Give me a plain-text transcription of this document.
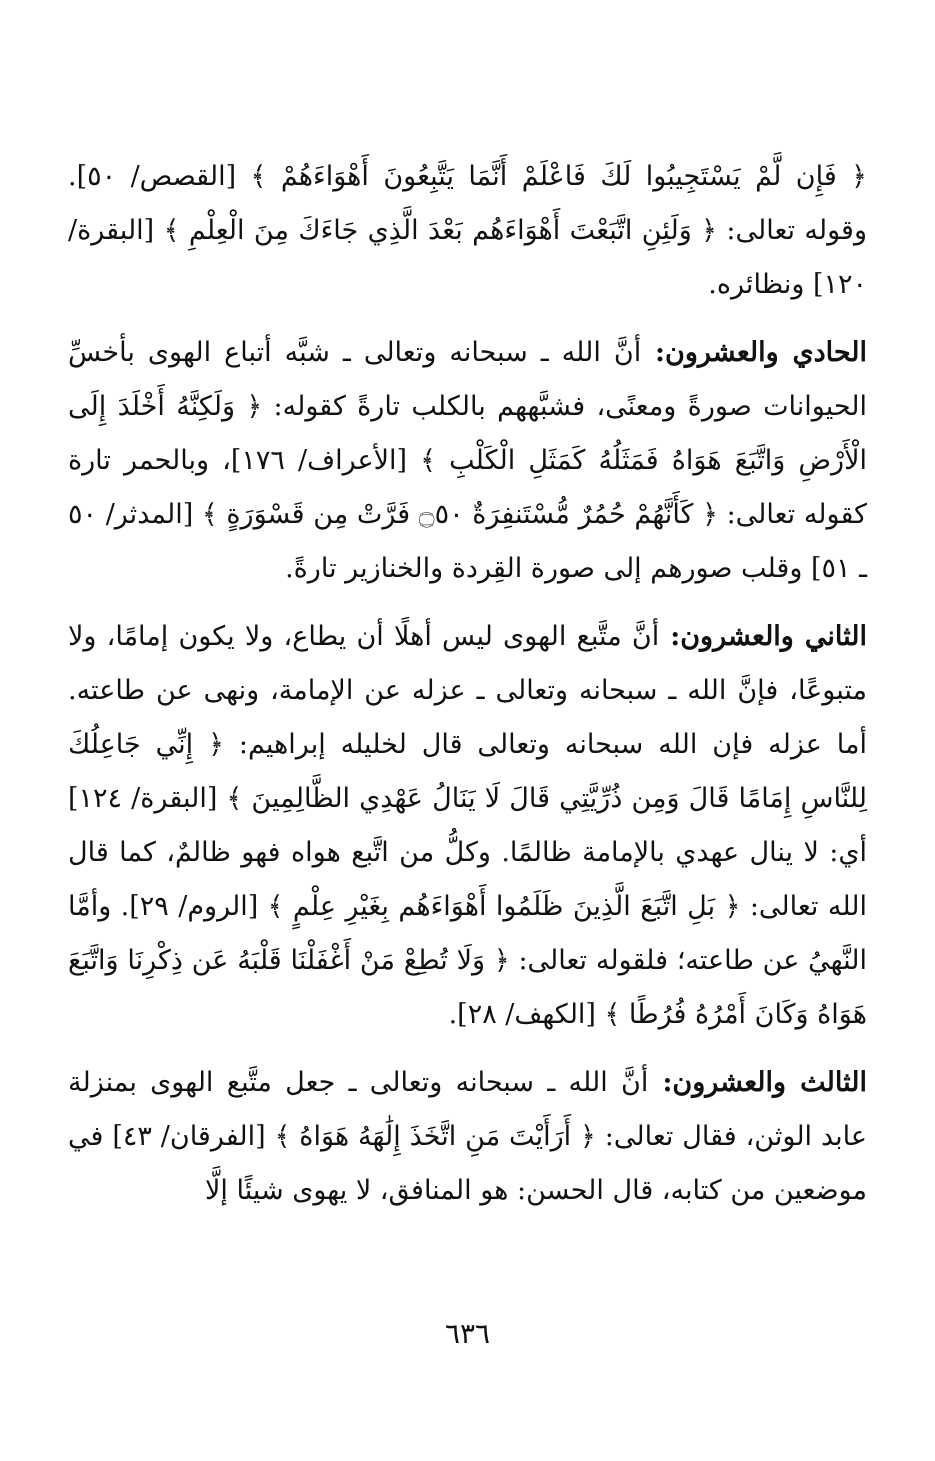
﴿ فَإِن لَّمْ يَسْتَجِيبُوا لَكَ فَاعْلَمْ أَنَّمَا يَتَّبِعُونَ أَهْوَاءَهُمْ ﴾ [القصص/ ٥٠]. وقوله تعالى: ﴿ وَلَئِنِ اتَّبَعْتَ أَهْوَاءَهُم بَعْدَ الَّذِي جَاءَكَ مِنَ الْعِلْمِ ﴾ [البقرة/ ١٢٠] ونظائره.

الحادي والعشرون: أنَّ الله ـ سبحانه وتعالى ـ شبَّه أتباع الهوى بأخسِّ الحيوانات صورةً ومعنًى، فشبَّههم بالكلب تارةً كقوله: ﴿ وَلَكِنَّهُ أَخْلَدَ إِلَى الْأَرْضِ وَاتَّبَعَ هَوَاهُ فَمَثَلُهُ كَمَثَلِ الْكَلْبِ ﴾ [الأعراف/ ١٧٦]، وبالحمر تارة كقوله تعالى: ﴿ كَأَنَّهُمْ حُمُرٌ مُّسْتَنفِرَةٌ ۝٥٠ فَرَّتْ مِن قَسْوَرَةٍ ﴾ [المدثر/ ٥٠ ـ ٥١] وقلب صورهم إلى صورة القِردة والخنازير تارةً.

الثاني والعشرون: أنَّ متَّبع الهوى ليس أهلًا أن يطاع، ولا يكون إمامًا، ولا متبوعًا، فإنَّ الله ـ سبحانه وتعالى ـ عزله عن الإمامة، ونهى عن طاعته. أما عزله فإن الله سبحانه وتعالى قال لخليله إبراهيم: ﴿ إِنِّي جَاعِلُكَ لِلنَّاسِ إِمَامًا قَالَ وَمِن ذُرِّيَّتِي قَالَ لَا يَنَالُ عَهْدِي الظَّالِمِينَ ﴾ [البقرة/ ١٢٤] أي: لا ينال عهدي بالإمامة ظالمًا. وكلُّ من اتَّبع هواه فهو ظالمٌ، كما قال الله تعالى: ﴿ بَلِ اتَّبَعَ الَّذِينَ ظَلَمُوا أَهْوَاءَهُم بِغَيْرِ عِلْمٍ ﴾ [الروم/ ٢٩]. وأمَّا النَّهيُ عن طاعته؛ فلقوله تعالى: ﴿ وَلَا تُطِعْ مَنْ أَغْفَلْنَا قَلْبَهُ عَن ذِكْرِنَا وَاتَّبَعَ هَوَاهُ وَكَانَ أَمْرُهُ فُرُطًا ﴾ [الكهف/ ٢٨].

الثالث والعشرون: أنَّ الله ـ سبحانه وتعالى ـ جعل متَّبع الهوى بمنزلة عابد الوثن، فقال تعالى: ﴿ أَرَأَيْتَ مَنِ اتَّخَذَ إِلَٰهَهُ هَوَاهُ ﴾ [الفرقان/ ٤٣] في موضعين من كتابه، قال الحسن: هو المنافق، لا يهوى شيئًا إلَّا

٦٣٦
